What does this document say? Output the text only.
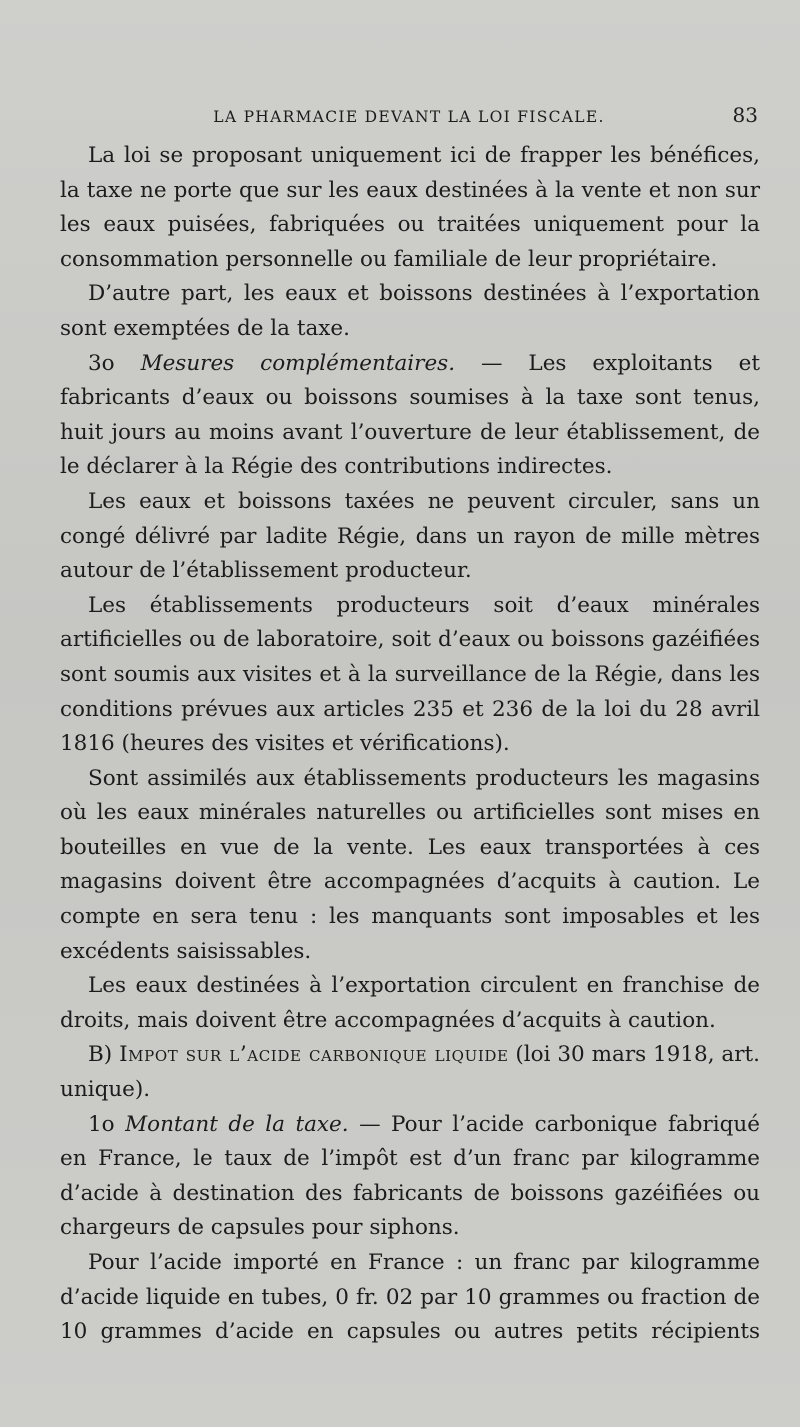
LA PHARMACIE DEVANT LA LOI FISCALE.	83

La loi se proposant uniquement ici de frapper les bénéfices, la taxe ne porte que sur les eaux destinées à la vente et non sur les eaux puisées, fabriquées ou traitées uniquement pour la consommation personnelle ou familiale de leur propriétaire.

D’autre part, les eaux et boissons destinées à l’exportation sont exemptées de la taxe.

3o Mesures complémentaires. — Les exploitants et fabricants d’eaux ou boissons soumises à la taxe sont tenus, huit jours au moins avant l’ouverture de leur établissement, de le déclarer à la Régie des contributions indirectes.

Les eaux et boissons taxées ne peuvent circuler, sans un congé délivré par ladite Régie, dans un rayon de mille mètres autour de l’établissement producteur.

Les établissements producteurs soit d’eaux minérales artificielles ou de laboratoire, soit d’eaux ou boissons gazéifiées sont soumis aux visites et à la surveillance de la Régie, dans les conditions prévues aux articles 235 et 236 de la loi du 28 avril 1816 (heures des visites et vérifications).

Sont assimilés aux établissements producteurs les magasins où les eaux minérales naturelles ou artificielles sont mises en bouteilles en vue de la vente. Les eaux transportées à ces magasins doivent être accompagnées d’acquits à caution. Le compte en sera tenu : les manquants sont imposables et les excédents saisissables.

Les eaux destinées à l’exportation circulent en franchise de droits, mais doivent être accompagnées d’acquits à caution.

B) Impot sur l’acide carbonique liquide (loi 30 mars 1918, art. unique).

1o Montant de la taxe. — Pour l’acide carbonique fabriqué en France, le taux de l’impôt est d’un franc par kilogramme d’acide à destination des fabricants de boissons gazéifiées ou chargeurs de capsules pour siphons.

Pour l’acide importé en France : un franc par kilogramme d’acide liquide en tubes, 0 fr. 02 par 10 grammes ou fraction de 10 grammes d’acide en capsules ou autres petits récipients
